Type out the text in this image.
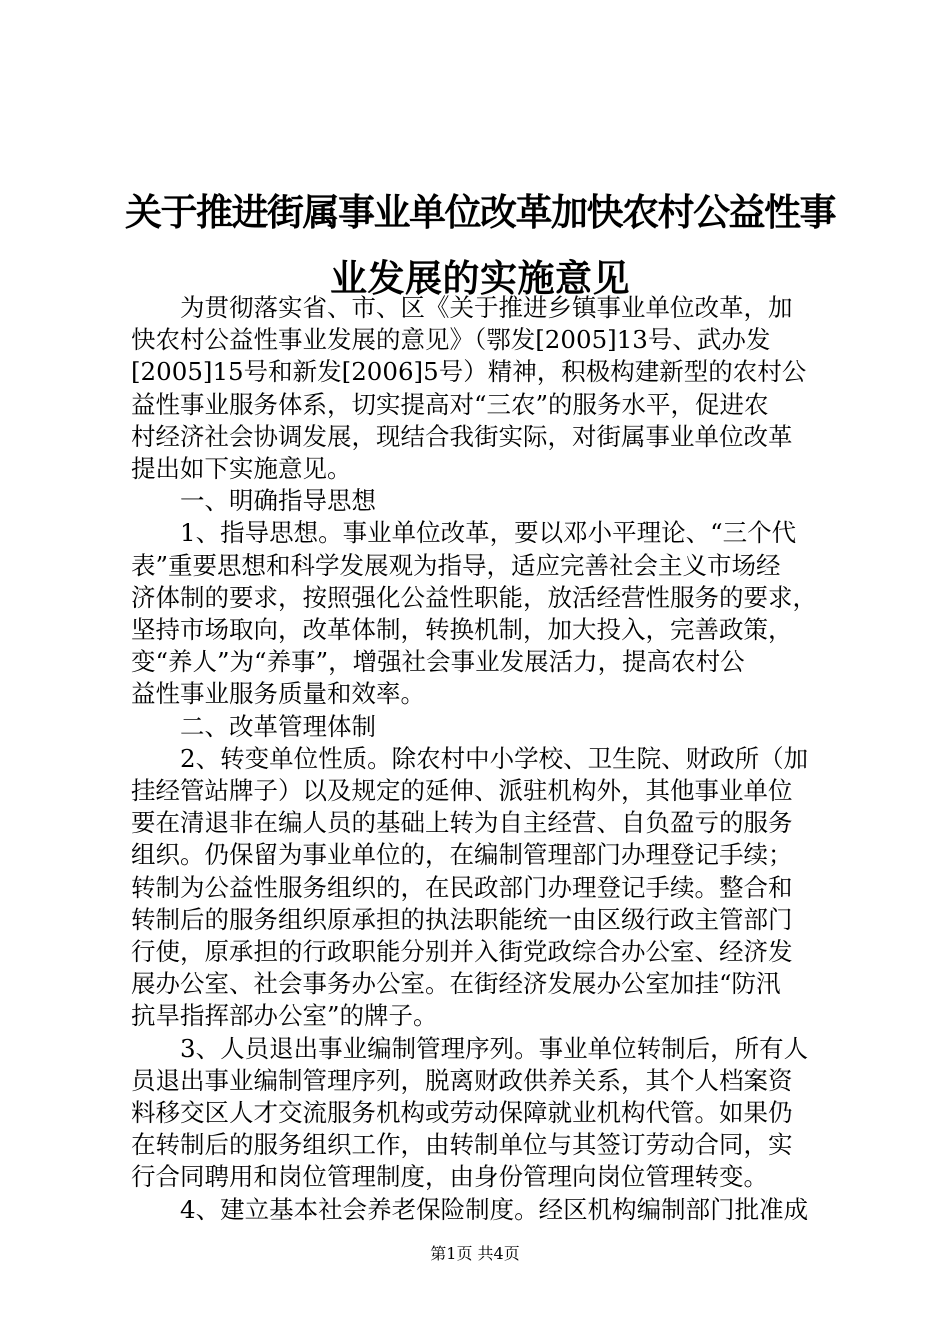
关于推进街属事业单位改革加快农村公益性事
业发展的实施意见
　　为贯彻落实省、市、区《关于推进乡镇事业单位改革，加
快农村公益性事业发展的意见》（鄂发[2005]13号、武办发
[2005]15号和新发[2006]5号）精神，积极构建新型的农村公
益性事业服务体系，切实提高对“三农”的服务水平，促进农
村经济社会协调发展，现结合我街实际，对街属事业单位改革
提出如下实施意见。
　　一、明确指导思想
　　1、指导思想。事业单位改革，要以邓小平理论、“三个代
表”重要思想和科学发展观为指导，适应完善社会主义市场经
济体制的要求，按照强化公益性职能，放活经营性服务的要求，
坚持市场取向，改革体制，转换机制，加大投入，完善政策，
变“养人”为“养事”，增强社会事业发展活力，提高农村公
益性事业服务质量和效率。
　　二、改革管理体制
　　2、转变单位性质。除农村中小学校、卫生院、财政所（加
挂经管站牌子）以及规定的延伸、派驻机构外，其他事业单位
要在清退非在编人员的基础上转为自主经营、自负盈亏的服务
组织。仍保留为事业单位的，在编制管理部门办理登记手续；
转制为公益性服务组织的，在民政部门办理登记手续。整合和
转制后的服务组织原承担的执法职能统一由区级行政主管部门
行使，原承担的行政职能分别并入街党政综合办公室、经济发
展办公室、社会事务办公室。在街经济发展办公室加挂“防汛
抗旱指挥部办公室”的牌子。
　　3、人员退出事业编制管理序列。事业单位转制后，所有人
员退出事业编制管理序列，脱离财政供养关系，其个人档案资
料移交区人才交流服务机构或劳动保障就业机构代管。如果仍
在转制后的服务组织工作，由转制单位与其签订劳动合同，实
行合同聘用和岗位管理制度，由身份管理向岗位管理转变。
　　4、建立基本社会养老保险制度。经区机构编制部门批准成
第1页 共4页
